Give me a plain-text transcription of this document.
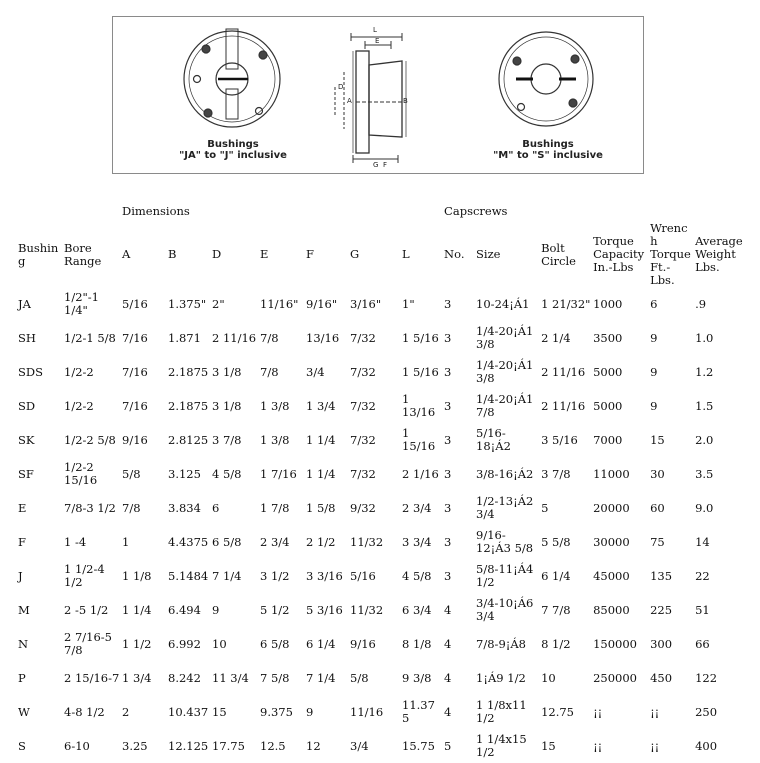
L
E
D
A	B
G F
Bushings
"JA" to "J" inclusive
Bushings
"M" to "S" inclusive
		Dimensions							Capscrews					
Bushing	Bore Range	A	B	D	E	F	G	L	No.	Size	Bolt Circle	Torque Capacity In.-Lbs	Wrench Torque Ft.- Lbs.	Average Weight Lbs.
JA	1/2"-1 1/4"	5/16	1.375"	2"	11/16"	9/16"	3/16"	1"	3	10-24¡Á1	1 21/32"	1000	6	.9
SH	1/2-1 5/8	7/16	1.871	2 11/16	7/8	13/16	7/32	1 5/16	3	1/4-20¡Á1 3/8	2 1/4	3500	9	1.0
SDS	1/2-2	7/16	2.1875	3 1/8	7/8	3/4	7/32	1 5/16	3	1/4-20¡Á1 3/8	2 11/16	5000	9	1.2
SD	1/2-2	7/16	2.1875	3 1/8	1 3/8	1 3/4	7/32	1 13/16	3	1/4-20¡Á1 7/8	2 11/16	5000	9	1.5
SK	1/2-2 5/8	9/16	2.8125	3 7/8	1 3/8	1 1/4	7/32	1 15/16	3	5/16-18¡Á2	3 5/16	7000	15	2.0
SF	1/2-2 15/16	5/8	3.125	4 5/8	1 7/16	1 1/4	7/32	2 1/16	3	3/8-16¡Á2	3 7/8	11000	30	3.5
E	7/8-3 1/2	7/8	3.834	6	1 7/8	1 5/8	9/32	2 3/4	3	1/2-13¡Á2 3/4	5	20000	60	9.0
F	1 -4	1	4.4375	6 5/8	2 3/4	2 1/2	11/32	3 3/4	3	9/16-12¡Á3 5/8	5 5/8	30000	75	14
J	1 1/2-4 1/2	1 1/8	5.1484	7 1/4	3 1/2	3 3/16	5/16	4 5/8	3	5/8-11¡Á4 1/2	6 1/4	45000	135	22
M	2 -5 1/2	1 1/4	6.494	9	5 1/2	5 3/16	11/32	6 3/4	4	3/4-10¡Á6 3/4	7 7/8	85000	225	51
N	2 7/16-5 7/8	1 1/2	6.992	10	6 5/8	6 1/4	9/16	8 1/8	4	7/8-9¡Á8	8 1/2	150000	300	66
P	2 15/16-7	1 3/4	8.242	11 3/4	7 5/8	7 1/4	5/8	9 3/8	4	1¡Á9 1/2	10	250000	450	122
W	4-8 1/2	2	10.437	15	9.375	9	11/16	11.375	4	1 1/8x11 1/2	12.75	¡¡	¡¡	250
S	6-10	3.25	12.125	17.75	12.5	12	3/4	15.75	5	1 1/4x15 1/2	15	¡¡	¡¡	400
